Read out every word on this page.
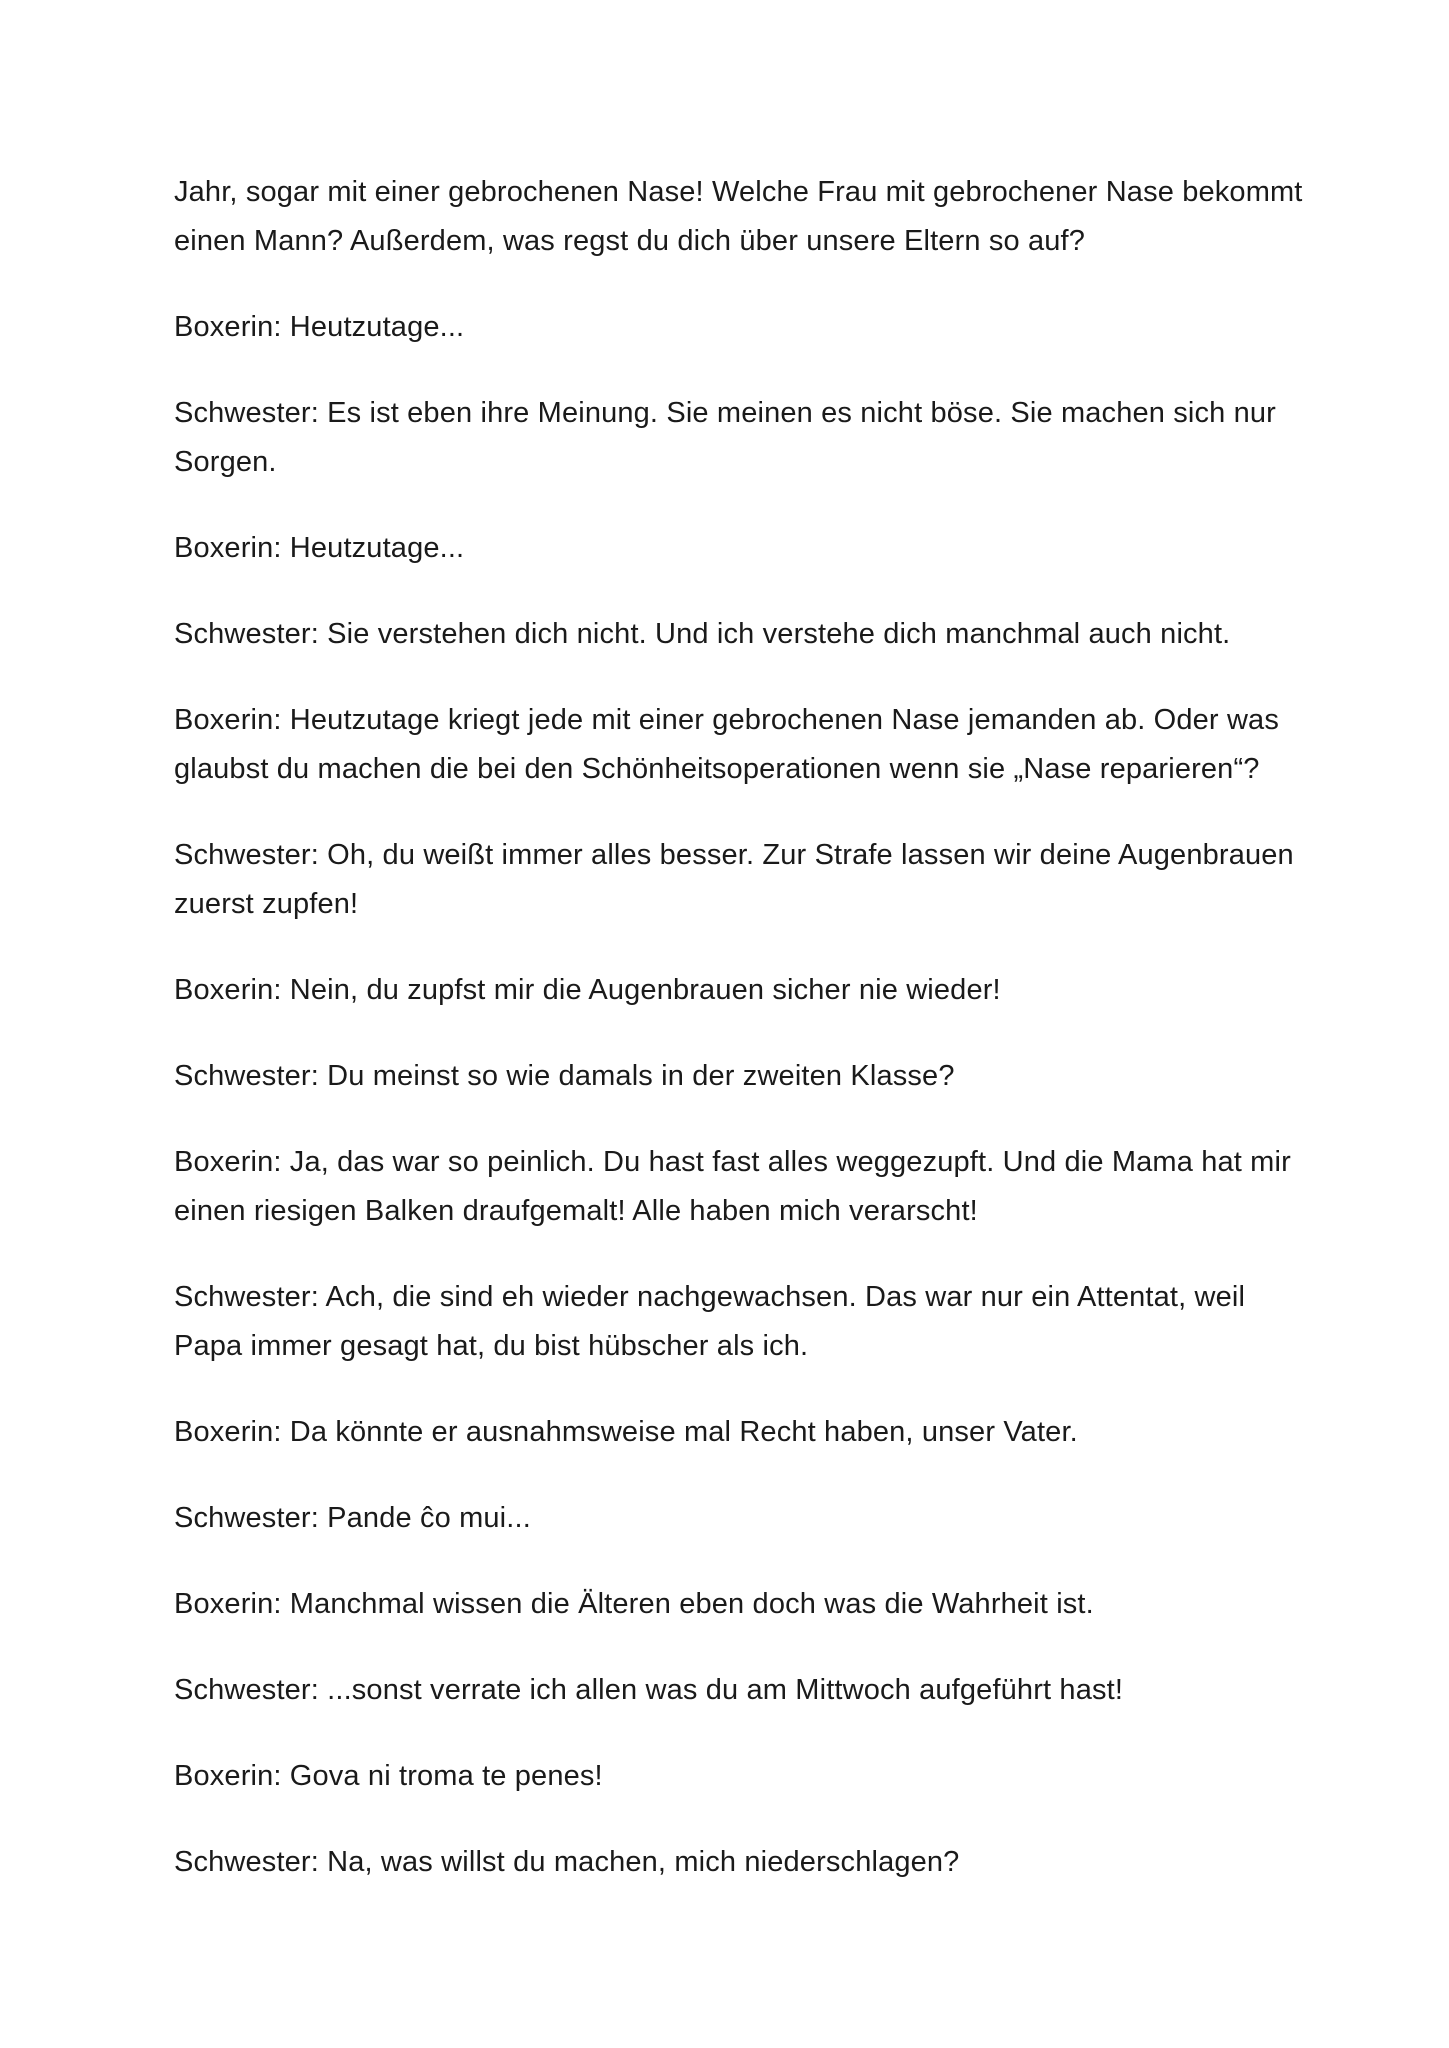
Jahr, sogar mit einer gebrochenen Nase! Welche Frau mit gebrochener Nase bekommt einen Mann? Außerdem, was regst du dich über unsere Eltern so auf?

Boxerin: Heutzutage...

Schwester: Es ist eben ihre Meinung. Sie meinen es nicht böse. Sie machen sich nur Sorgen.

Boxerin: Heutzutage...

Schwester: Sie verstehen dich nicht. Und ich verstehe dich manchmal auch nicht.

Boxerin: Heutzutage kriegt jede mit einer gebrochenen Nase jemanden ab. Oder was glaubst du machen die bei den Schönheitsoperationen wenn sie „Nase reparieren“?

Schwester: Oh, du weißt immer alles besser. Zur Strafe lassen wir deine Augenbrauen zuerst zupfen!

Boxerin: Nein, du zupfst mir die Augenbrauen sicher nie wieder!

Schwester: Du meinst so wie damals in der zweiten Klasse?

Boxerin: Ja, das war so peinlich. Du hast fast alles weggezupft. Und die Mama hat mir einen riesigen Balken draufgemalt! Alle haben mich verarscht!

Schwester: Ach, die sind eh wieder nachgewachsen. Das war nur ein Attentat, weil Papa immer gesagt hat, du bist hübscher als ich.

Boxerin: Da könnte er ausnahmsweise mal Recht haben, unser Vater.

Schwester: Pande ĉo mui...

Boxerin: Manchmal wissen die Älteren eben doch was die Wahrheit ist.

Schwester: ...sonst verrate ich allen was du am Mittwoch aufgeführt hast!

Boxerin: Gova ni troma te penes!

Schwester: Na, was willst du machen, mich niederschlagen?
